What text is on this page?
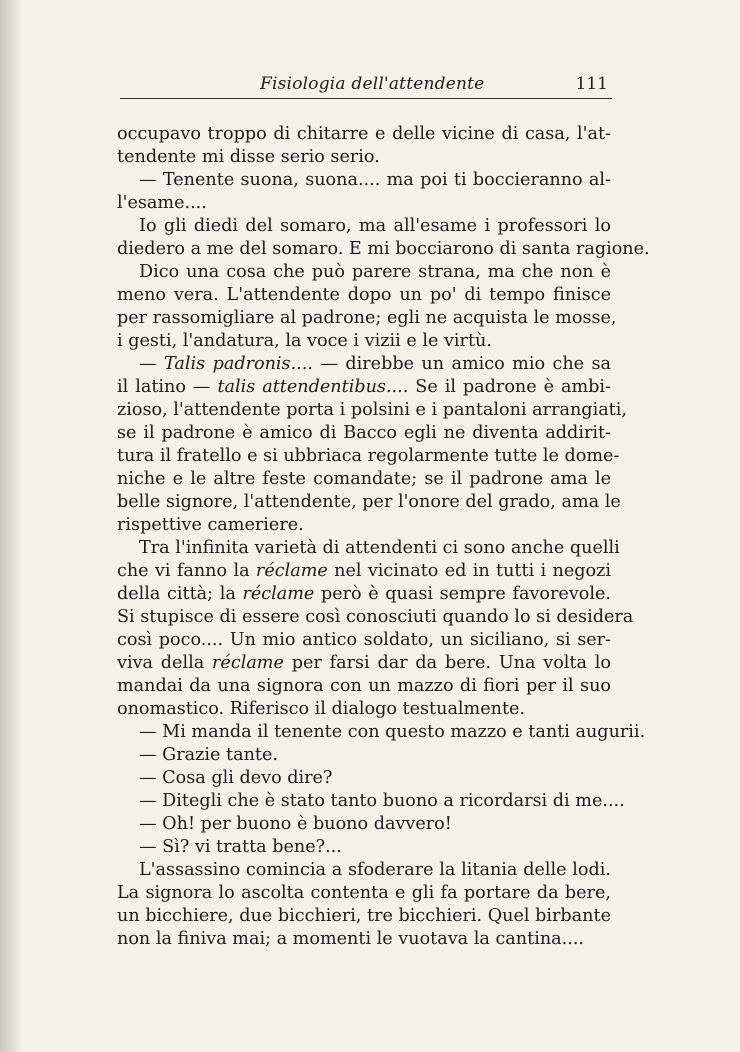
Fisiologia dell'attendente	111
occupavo troppo di chitarre e delle vicine di casa, l'at-
tendente mi disse serio serio.
— Tenente suona, suona.... ma poi ti boccieranno al-
l'esame....
Io gli diedi del somaro, ma all'esame i professori lo
diedero a me del somaro. E mi bocciarono di santa ragione.
Dico una cosa che può parere strana, ma che non è
meno vera. L'attendente dopo un po' di tempo finisce
per rassomigliare al padrone; egli ne acquista le mosse,
i gesti, l'andatura, la voce i vizii e le virtù.
— Talis padronis.... — direbbe un amico mio che sa
il latino — talis attendentibus.... Se il padrone è ambi-
zioso, l'attendente porta i polsini e i pantaloni arrangiati,
se il padrone è amico di Bacco egli ne diventa addirit-
tura il fratello e si ubbriaca regolarmente tutte le dome-
niche e le altre feste comandate; se il padrone ama le
belle signore, l'attendente, per l'onore del grado, ama le
rispettive cameriere.
Tra l'infinita varietà di attendenti ci sono anche quelli
che vi fanno la réclame nel vicinato ed in tutti i negozi
della città; la réclame però è quasi sempre favorevole.
Si stupisce di essere così conosciuti quando lo si desidera
così poco.... Un mio antico soldato, un siciliano, si ser-
viva della réclame per farsi dar da bere. Una volta lo
mandai da una signora con un mazzo di fiori per il suo
onomastico. Riferisco il dialogo testualmente.
— Mi manda il tenente con questo mazzo e tanti augurii.
— Grazie tante.
— Cosa gli devo dire?
— Ditegli che è stato tanto buono a ricordarsi di me....
— Oh! per buono è buono davvero!
— Sì? vi tratta bene?...
L'assassino comincia a sfoderare la litania delle lodi.
La signora lo ascolta contenta e gli fa portare da bere,
un bicchiere, due bicchieri, tre bicchieri. Quel birbante
non la finiva mai; a momenti le vuotava la cantina....
